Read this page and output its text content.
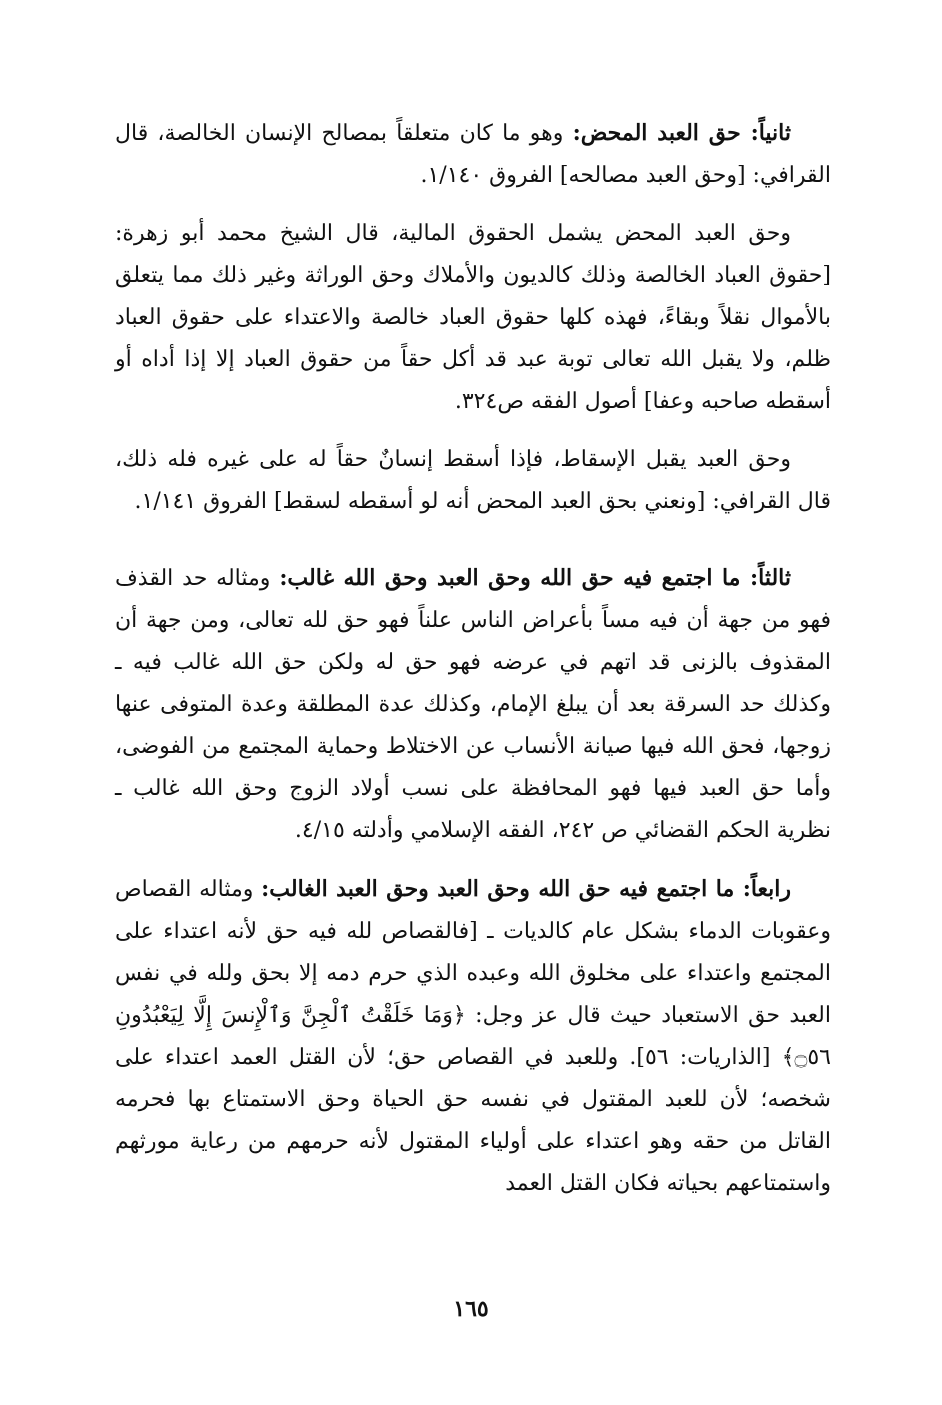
ثانياً: حق العبد المحض: وهو ما كان متعلقاً بمصالح الإنسان الخالصة، قال القرافي: [وحق العبد مصالحه] الفروق ١/١٤٠.

وحق العبد المحض يشمل الحقوق المالية، قال الشيخ محمد أبو زهرة: [حقوق العباد الخالصة وذلك كالديون والأملاك وحق الوراثة وغير ذلك مما يتعلق بالأموال نقلاً وبقاءً، فهذه كلها حقوق العباد خالصة والاعتداء على حقوق العباد ظلم، ولا يقبل الله تعالى توبة عبد قد أكل حقاً من حقوق العباد إلا إذا أداه أو أسقطه صاحبه وعفا] أصول الفقه ص٣٢٤.

وحق العبد يقبل الإسقاط، فإذا أسقط إنسانٌ حقاً له على غيره فله ذلك، قال القرافي: [ونعني بحق العبد المحض أنه لو أسقطه لسقط] الفروق ١/١٤١.

ثالثاً: ما اجتمع فيه حق الله وحق العبد وحق الله غالب: ومثاله حد القذف فهو من جهة أن فيه مساً بأعراض الناس علناً فهو حق لله تعالى، ومن جهة أن المقذوف بالزنى قد اتهم في عرضه فهو حق له ولكن حق الله غالب فيه ـ وكذلك حد السرقة بعد أن يبلغ الإمام، وكذلك عدة المطلقة وعدة المتوفى عنها زوجها، فحق الله فيها صيانة الأنساب عن الاختلاط وحماية المجتمع من الفوضى، وأما حق العبد فيها فهو المحافظة على نسب أولاد الزوج وحق الله غالب ـ نظرية الحكم القضائي ص ٢٤٢، الفقه الإسلامي وأدلته ٤/١٥.

رابعاً: ما اجتمع فيه حق الله وحق العبد وحق العبد الغالب: ومثاله القصاص وعقوبات الدماء بشكل عام كالديات ـ [فالقصاص لله فيه حق لأنه اعتداء على المجتمع واعتداء على مخلوق الله وعبده الذي حرم دمه إلا بحق ولله في نفس العبد حق الاستعباد حيث قال عز وجل: ﴿وَمَا خَلَقْتُ ٱلْجِنَّ وَٱلْإِنسَ إِلَّا لِيَعْبُدُونِ ۝٥٦﴾ [الذاريات: ٥٦]. وللعبد في القصاص حق؛ لأن القتل العمد اعتداء على شخصه؛ لأن للعبد المقتول في نفسه حق الحياة وحق الاستمتاع بها فحرمه القاتل من حقه وهو اعتداء على أولياء المقتول لأنه حرمهم من رعاية مورثهم واستمتاعهم بحياته فكان القتل العمد

١٦٥
